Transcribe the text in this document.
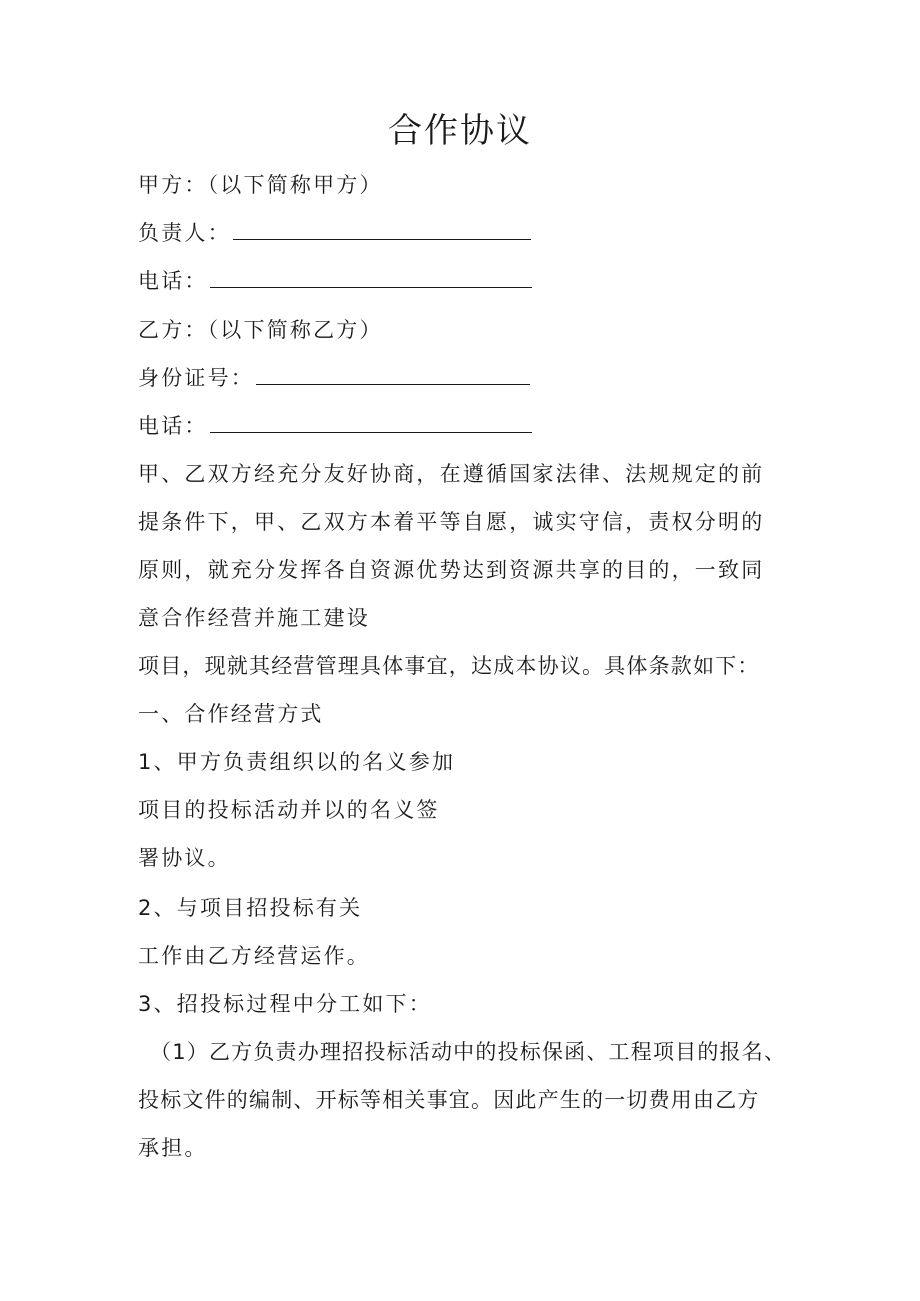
合作协议
甲方：（以下简称甲方）
负责人：
电话：
乙方：（以下简称乙方）
身份证号：
电话：
甲、乙双方经充分友好协商，在遵循国家法律、法规规定的前
提条件下，甲、乙双方本着平等自愿，诚实守信，责权分明的
原则，就充分发挥各自资源优势达到资源共享的目的，一致同
意合作经营并施工建设
项目，现就其经营管理具体事宜，达成本协议。具体条款如下：
一、合作经营方式
1、甲方负责组织以的名义参加
项目的投标活动并以的名义签
署协议。
2、与项目招投标有关
工作由乙方经营运作。
3、招投标过程中分工如下：
（1）乙方负责办理招投标活动中的投标保函、工程项目的报名、
投标文件的编制、开标等相关事宜。因此产生的一切费用由乙方
承担。
